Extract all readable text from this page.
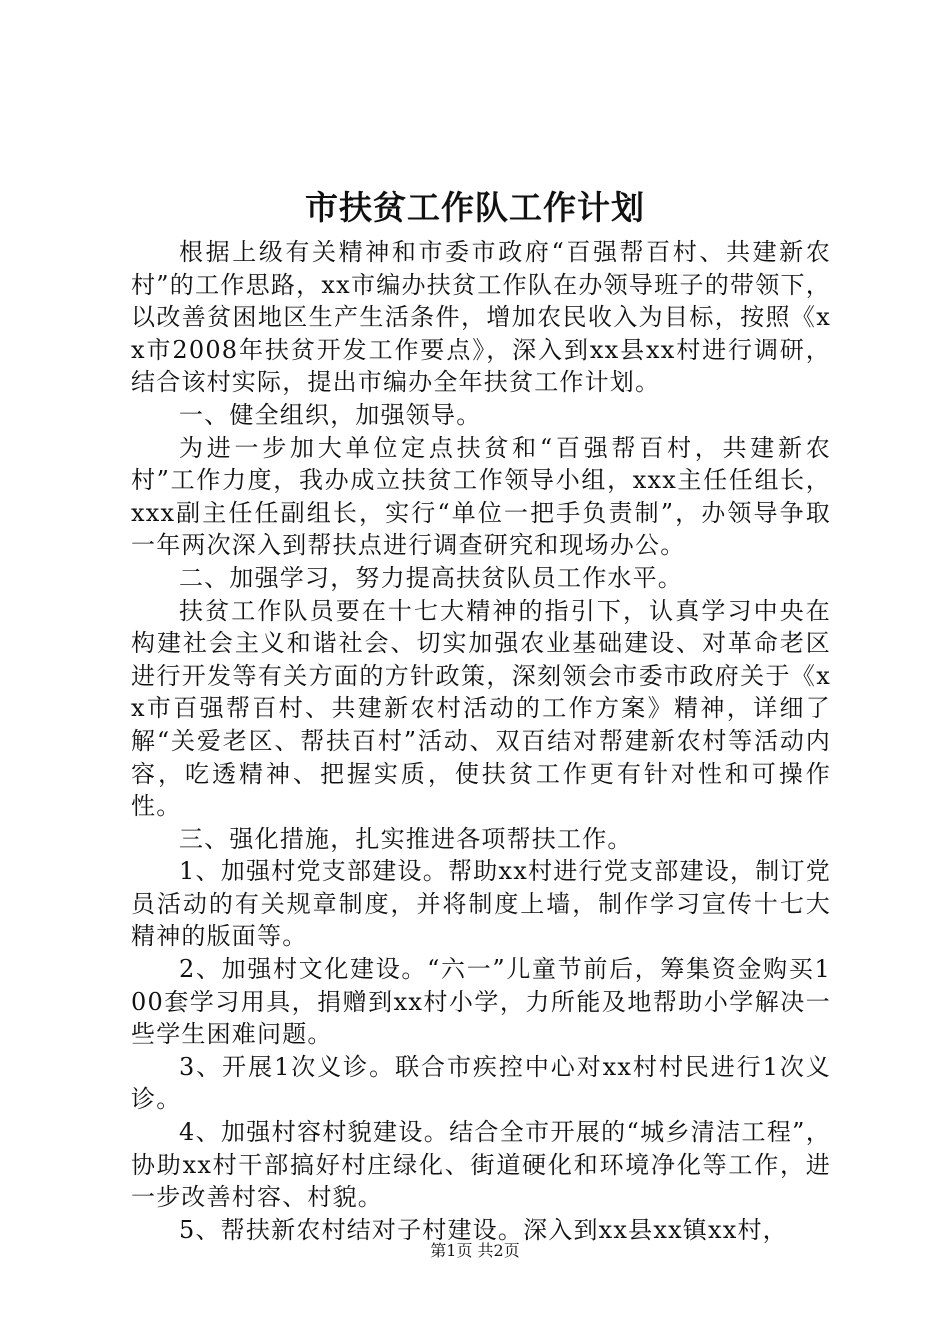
市扶贫工作队工作计划

根据上级有关精神和市委市政府“百强帮百村、共建新农村”的工作思路，xx市编办扶贫工作队在办领导班子的带领下，以改善贫困地区生产生活条件，增加农民收入为目标，按照《xx市2008年扶贫开发工作要点》，深入到xx县xx村进行调研，结合该村实际，提出市编办全年扶贫工作计划。

一、健全组织，加强领导。

为进一步加大单位定点扶贫和“百强帮百村，共建新农村”工作力度，我办成立扶贫工作领导小组，xxx主任任组长，xxx副主任任副组长，实行“单位一把手负责制”，办领导争取一年两次深入到帮扶点进行调查研究和现场办公。

二、加强学习，努力提高扶贫队员工作水平。

扶贫工作队员要在十七大精神的指引下，认真学习中央在构建社会主义和谐社会、切实加强农业基础建设、对革命老区进行开发等有关方面的方针政策，深刻领会市委市政府关于《xx市百强帮百村、共建新农村活动的工作方案》精神，详细了解“关爱老区、帮扶百村”活动、双百结对帮建新农村等活动内容，吃透精神、把握实质，使扶贫工作更有针对性和可操作性。

三、强化措施，扎实推进各项帮扶工作。

1、加强村党支部建设。帮助xx村进行党支部建设，制订党员活动的有关规章制度，并将制度上墙，制作学习宣传十七大精神的版面等。

2、加强村文化建设。“六一”儿童节前后，筹集资金购买100套学习用具，捐赠到xx村小学，力所能及地帮助小学解决一些学生困难问题。

3、开展1次义诊。联合市疾控中心对xx村村民进行1次义诊。

4、加强村容村貌建设。结合全市开展的“城乡清洁工程”，协助xx村干部搞好村庄绿化、街道硬化和环境净化等工作，进一步改善村容、村貌。

5、帮扶新农村结对子村建设。深入到xx县xx镇xx村，

第1页 共2页
